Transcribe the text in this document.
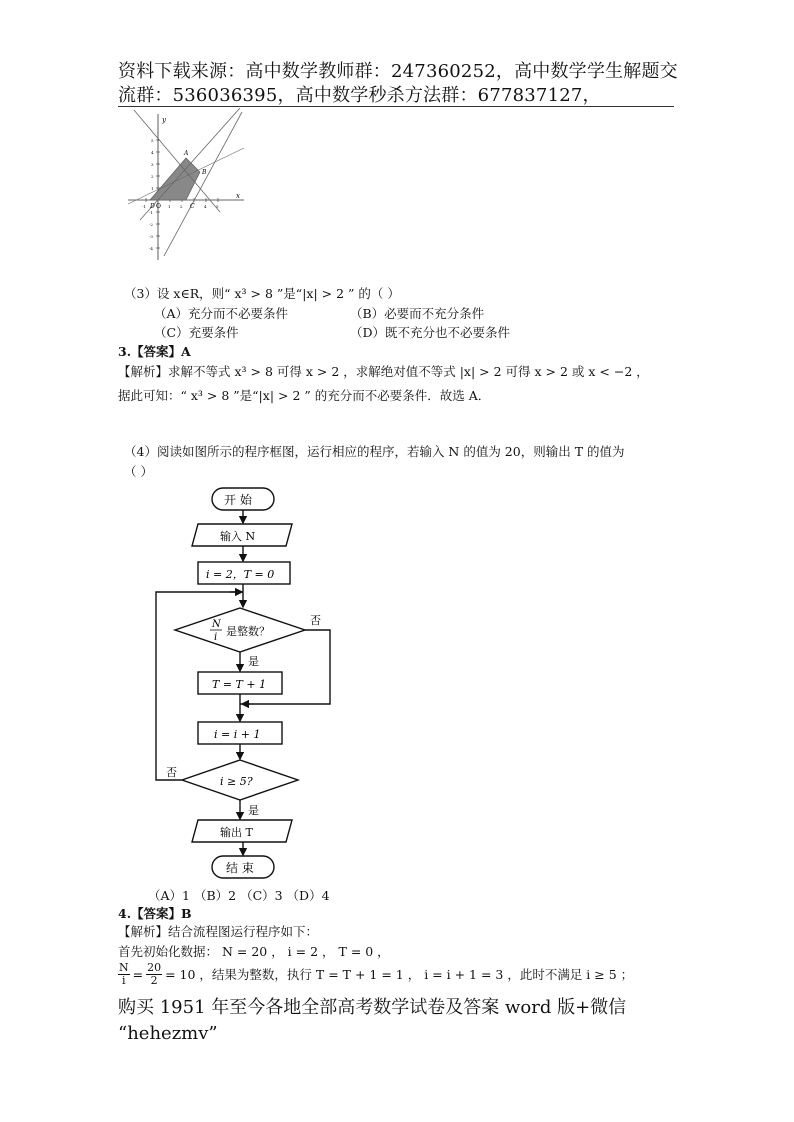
资料下载来源：高中数学教师群：247360252，高中数学学生解题交
流群：536036395，高中数学秒杀方法群：677837127，
y
x
A
B
C
D O
-1	1 2	4 5
5
4
3
2
1
-1
-2
-3
-4
（3）设 x∈R，则“ x³ > 8 ”是“|x| > 2 ” 的（ ）
（A）充分而不必要条件	（B）必要而不充分条件
（C）充要条件	（D）既不充分也不必要条件
3.【答案】A
【解析】求解不等式 x³ > 8 可得 x > 2 ，求解绝对值不等式 |x| > 2 可得 x > 2 或 x < −2 ，
据此可知：“ x³ > 8 ”是“|x| > 2 ” 的充分而不必要条件．故选 A．
（4）阅读如图所示的程序框图，运行相应的程序，若输入 N 的值为 20，则输出 T 的值为
（ ）
开 始
输入 N
i = 2，T = 0
N
i 是整数？
否
是
T = T + 1
i = i + 1
i ≥ 5?
否
是
输出 T
结 束
（A）1 （B）2 （C）3 （D）4
4.【答案】B
【解析】结合流程图运行程序如下：
首先初始化数据： N = 20 ， i = 2 ， T = 0 ，
$\frac{N}{i} = \frac{20}{2} = 10$ ，结果为整数，执行 T = T + 1 = 1 ， i = i + 1 = 3 ，此时不满足 i ≥ 5 ；
购买 1951 年至今各地全部高考数学试卷及答案 word 版+微信
“hehezmv”
